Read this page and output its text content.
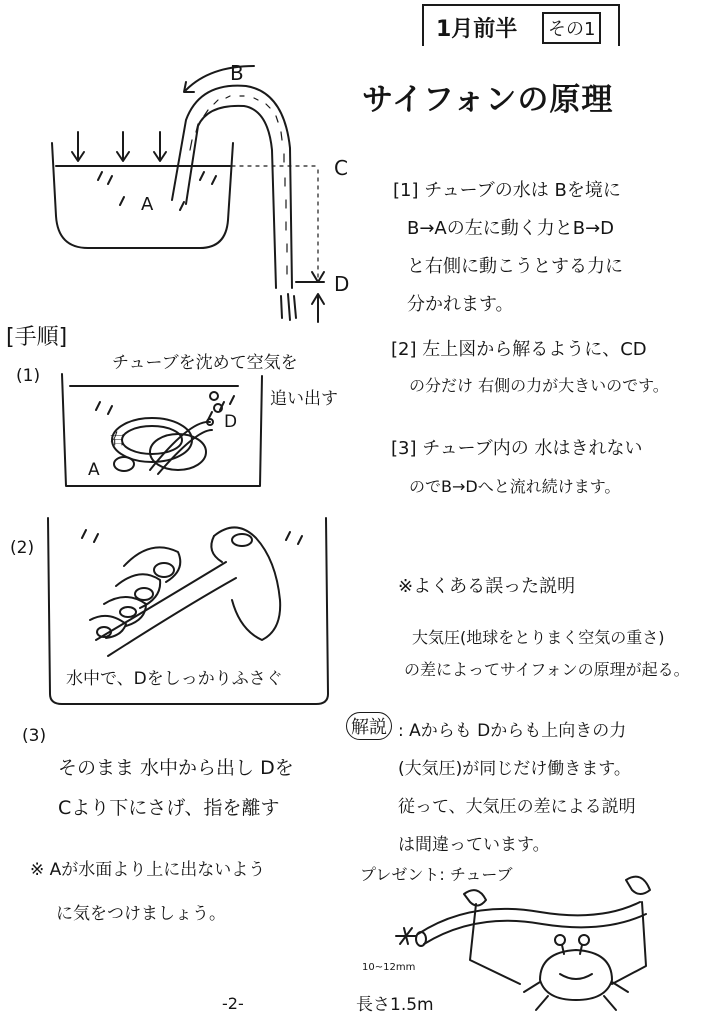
1月前半	その1
サイフォンの原理
A
B
C
D
[1] チューブの水は Bを境に
B→Aの左に動く力とB→D
と右側に動こうとする力に
分かれます。
[2] 左上図から解るように、CD
の分だけ 右側の力が大きいのです。
[3] チューブ内の 水はきれない
のでB→Dへと流れ続けます。
[手順]
(1)
チューブを沈めて空気を
追い出す
右
A
D
(2)
水中で、Dをしっかりふさぐ
(3)
そのまま 水中から出し Dを
Cより下にさげ、指を離す
※ Aが水面より上に出ないよう
に気をつけましょう。
※よくある誤った説明
大気圧(地球をとりまく空気の重さ)
の差によってサイフォンの原理が起る。
解説 : Aからも Dからも上向きの力
(大気圧)が同じだけ働きます。
従って、大気圧の差による説明
は間違っています。
プレゼント: チューブ
10~12mm
長さ1.5m
-2-
